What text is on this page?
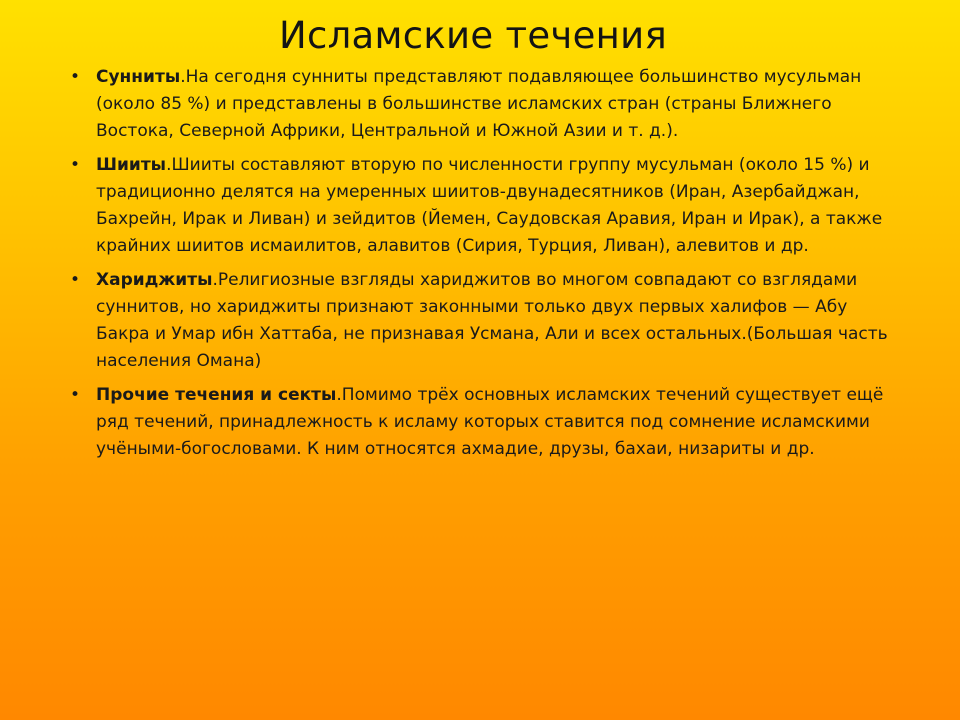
Исламские течения
• Сунниты.На сегодня сунниты представляют подавляющее большинство мусульман (около 85 %) и представлены в большинстве исламских стран (страны Ближнего Востока, Северной Африки, Центральной и Южной Азии и т. д.).
• Шииты.Шииты составляют вторую по численности группу мусульман (около 15 %) и традиционно делятся на умеренных шиитов-двунадесятников (Иран, Азербайджан, Бахрейн, Ирак и Ливан) и зейдитов (Йемен, Саудовская Аравия, Иран и Ирак), а также крайних шиитов исмаилитов, алавитов (Сирия, Турция, Ливан), алевитов и др.
• Хариджиты.Религиозные взгляды хариджитов во многом совпадают со взглядами суннитов, но хариджиты признают законными только двух первых халифов — Абу Бакра и Умар ибн Хаттаба, не признавая Усмана, Али и всех остальных.(Большая часть населения Омана)
• Прочие течения и секты.Помимо трёх основных исламских течений существует ещё ряд течений, принадлежность к исламу которых ставится под сомнение исламскими учёными-богословами. К ним относятся ахмадие, друзы, бахаи, низариты и др.
